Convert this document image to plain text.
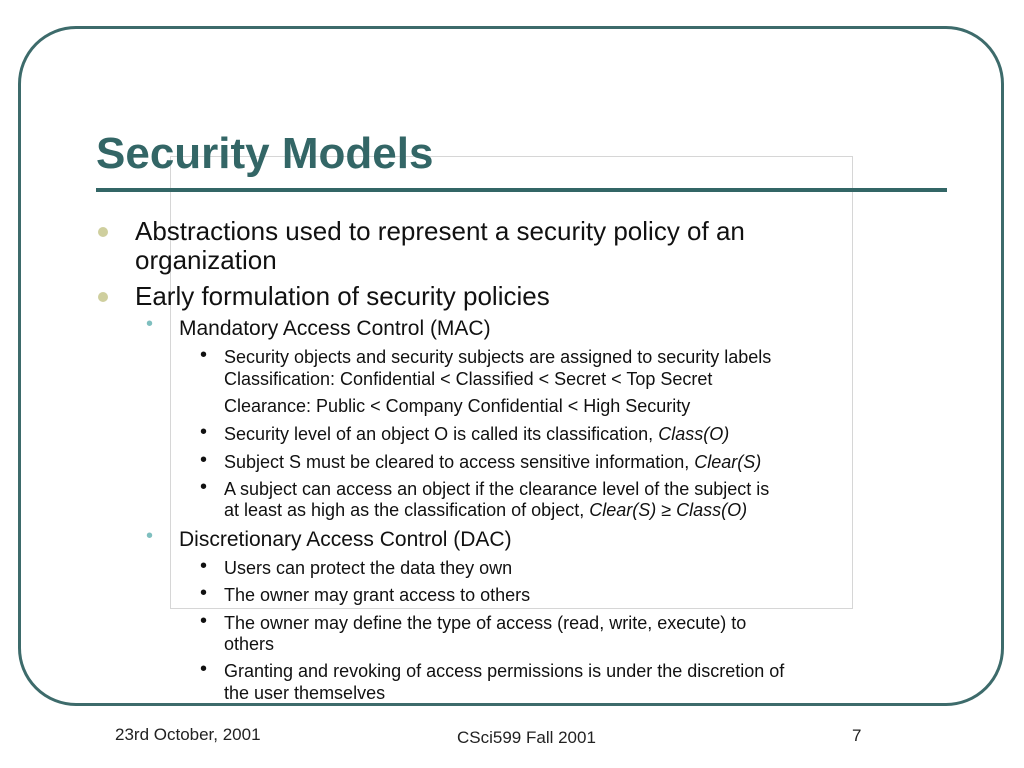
Security Models
Abstractions used to represent a security policy of an
organization
Early formulation of security policies
• Mandatory Access Control (MAC)
• Security objects and security subjects are assigned to security labels
Classification: Confidential < Classified < Secret < Top Secret
Clearance: Public < Company Confidential < High Security
• Security level of an object O is called its classification, Class(O)
• Subject S must be cleared to access sensitive information, Clear(S)
• A subject can access an object if the clearance level of the subject is
at least as high as the classification of object, Clear(S) ≥ Class(O)
• Discretionary Access Control (DAC)
• Users can protect the data they own
• The owner may grant access to others
• The owner may define the type of access (read, write, execute) to
others
• Granting and revoking of access permissions is under the discretion of
the user themselves
23rd October, 2001	CSci599 Fall 2001	7
